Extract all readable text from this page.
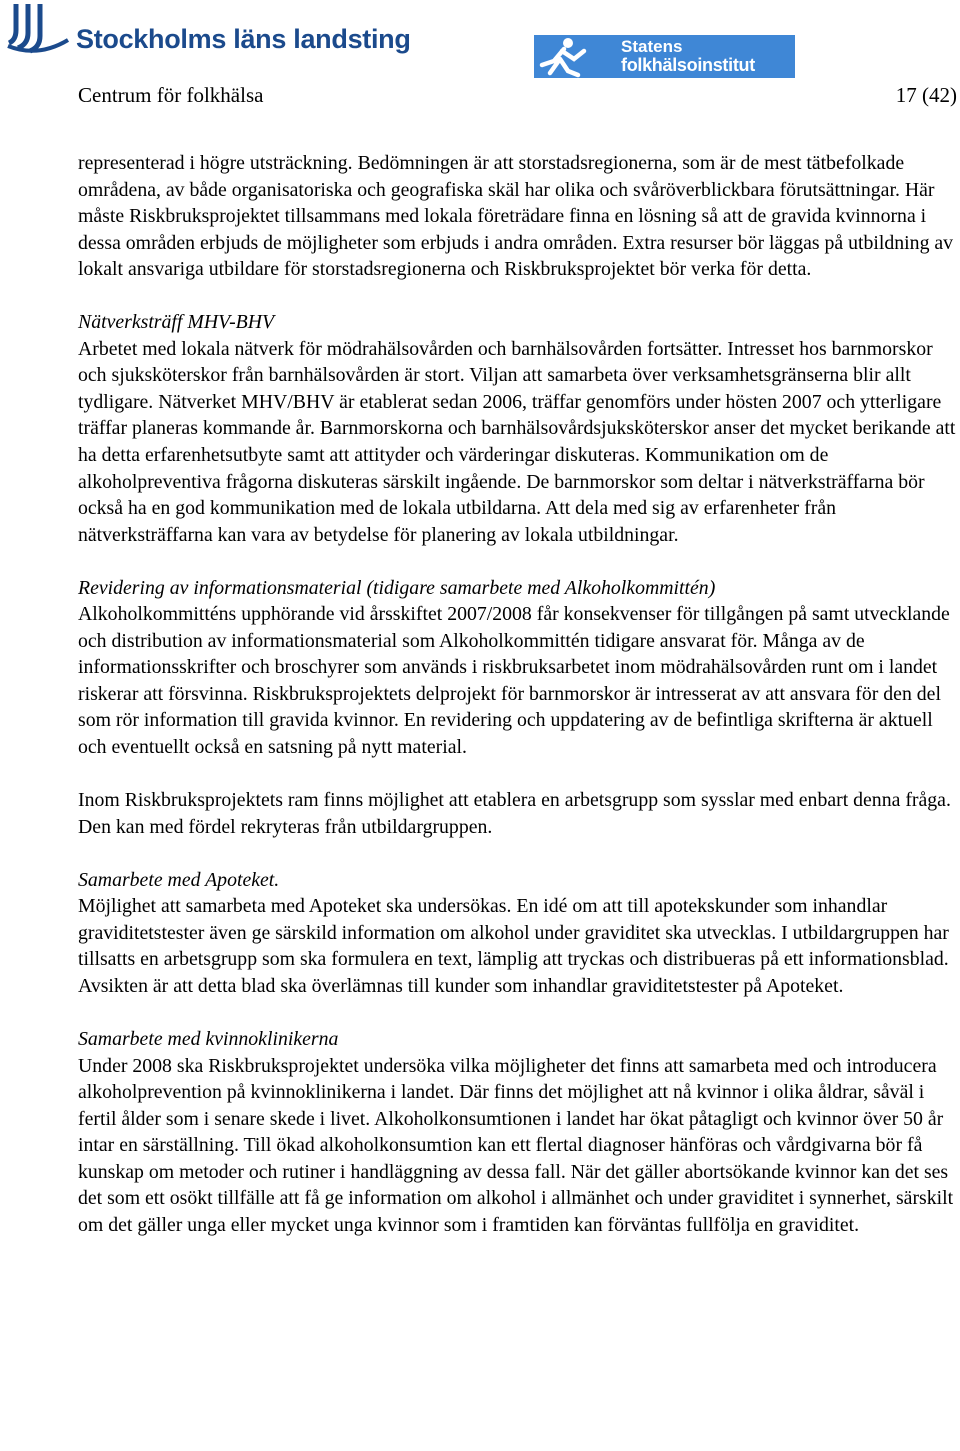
Stockholms läns landsting	Statens
folkhälsoinstitut
Centrum för folkhälsa	17 (42)

representerad i högre utsträckning. Bedömningen är att storstadsregionerna, som är de mest tätbefolkade områdena, av både organisatoriska och geografiska skäl har olika och svåröverblickbara förutsättningar. Här måste Riskbruksprojektet tillsammans med lokala företrädare finna en lösning så att de gravida kvinnorna i dessa områden erbjuds de möjligheter som erbjuds i andra områden. Extra resurser bör läggas på utbildning av lokalt ansvariga utbildare för storstadsregionerna och Riskbruksprojektet bör verka för detta.

Nätverksträff MHV-BHV
Arbetet med lokala nätverk för mödrahälsovården och barnhälsovården fortsätter. Intresset hos barnmorskor och sjuksköterskor från barnhälsovården är stort. Viljan att samarbeta över verksamhetsgränserna blir allt tydligare. Nätverket MHV/BHV är etablerat sedan 2006, träffar genomförs under hösten 2007 och ytterligare träffar planeras kommande år. Barnmorskorna och barnhälsovårdsjuksköterskor anser det mycket berikande att ha detta erfarenhetsutbyte samt att attityder och värderingar diskuteras. Kommunikation om de alkoholpreventiva frågorna diskuteras särskilt ingående. De barnmorskor som deltar i nätverksträffarna bör också ha en god kommunikation med de lokala utbildarna. Att dela med sig av erfarenheter från nätverksträffarna kan vara av betydelse för planering av lokala utbildningar.

Revidering av informationsmaterial (tidigare samarbete med Alkoholkommittén)
Alkoholkommitténs upphörande vid årsskiftet 2007/2008 får konsekvenser för tillgången på samt utvecklande och distribution av informationsmaterial som Alkoholkommittén tidigare ansvarat för. Många av de informationsskrifter och broschyrer som används i riskbruksarbetet inom mödrahälsovården runt om i landet riskerar att försvinna. Riskbruksprojektets delprojekt för barnmorskor är intresserat av att ansvara för den del som rör information till gravida kvinnor. En revidering och uppdatering av de befintliga skrifterna är aktuell och eventuellt också en satsning på nytt material.

Inom Riskbruksprojektets ram finns möjlighet att etablera en arbetsgrupp som sysslar med enbart denna fråga. Den kan med fördel rekryteras från utbildargruppen.

Samarbete med Apoteket.
Möjlighet att samarbeta med Apoteket ska undersökas. En idé om att till apotekskunder som inhandlar graviditetstester även ge särskild information om alkohol under graviditet ska utvecklas. I utbildargruppen har tillsatts en arbetsgrupp som ska formulera en text, lämplig att tryckas och distribueras på ett informationsblad. Avsikten är att detta blad ska överlämnas till kunder som inhandlar graviditetstester på Apoteket.

Samarbete med kvinnoklinikerna
Under 2008 ska Riskbruksprojektet undersöka vilka möjligheter det finns att samarbeta med och introducera alkoholprevention på kvinnoklinikerna i landet. Där finns det möjlighet att nå kvinnor i olika åldrar, såväl i fertil ålder som i senare skede i livet. Alkoholkonsumtionen i landet har ökat påtagligt och kvinnor över 50 år intar en särställning. Till ökad alkoholkonsumtion kan ett flertal diagnoser hänföras och vårdgivarna bör få kunskap om metoder och rutiner i handläggning av dessa fall. När det gäller abortsökande kvinnor kan det ses det som ett osökt tillfälle att få ge information om alkohol i allmänhet och under graviditet i synnerhet, särskilt om det gäller unga eller mycket unga kvinnor som i framtiden kan förväntas fullfölja en graviditet.
